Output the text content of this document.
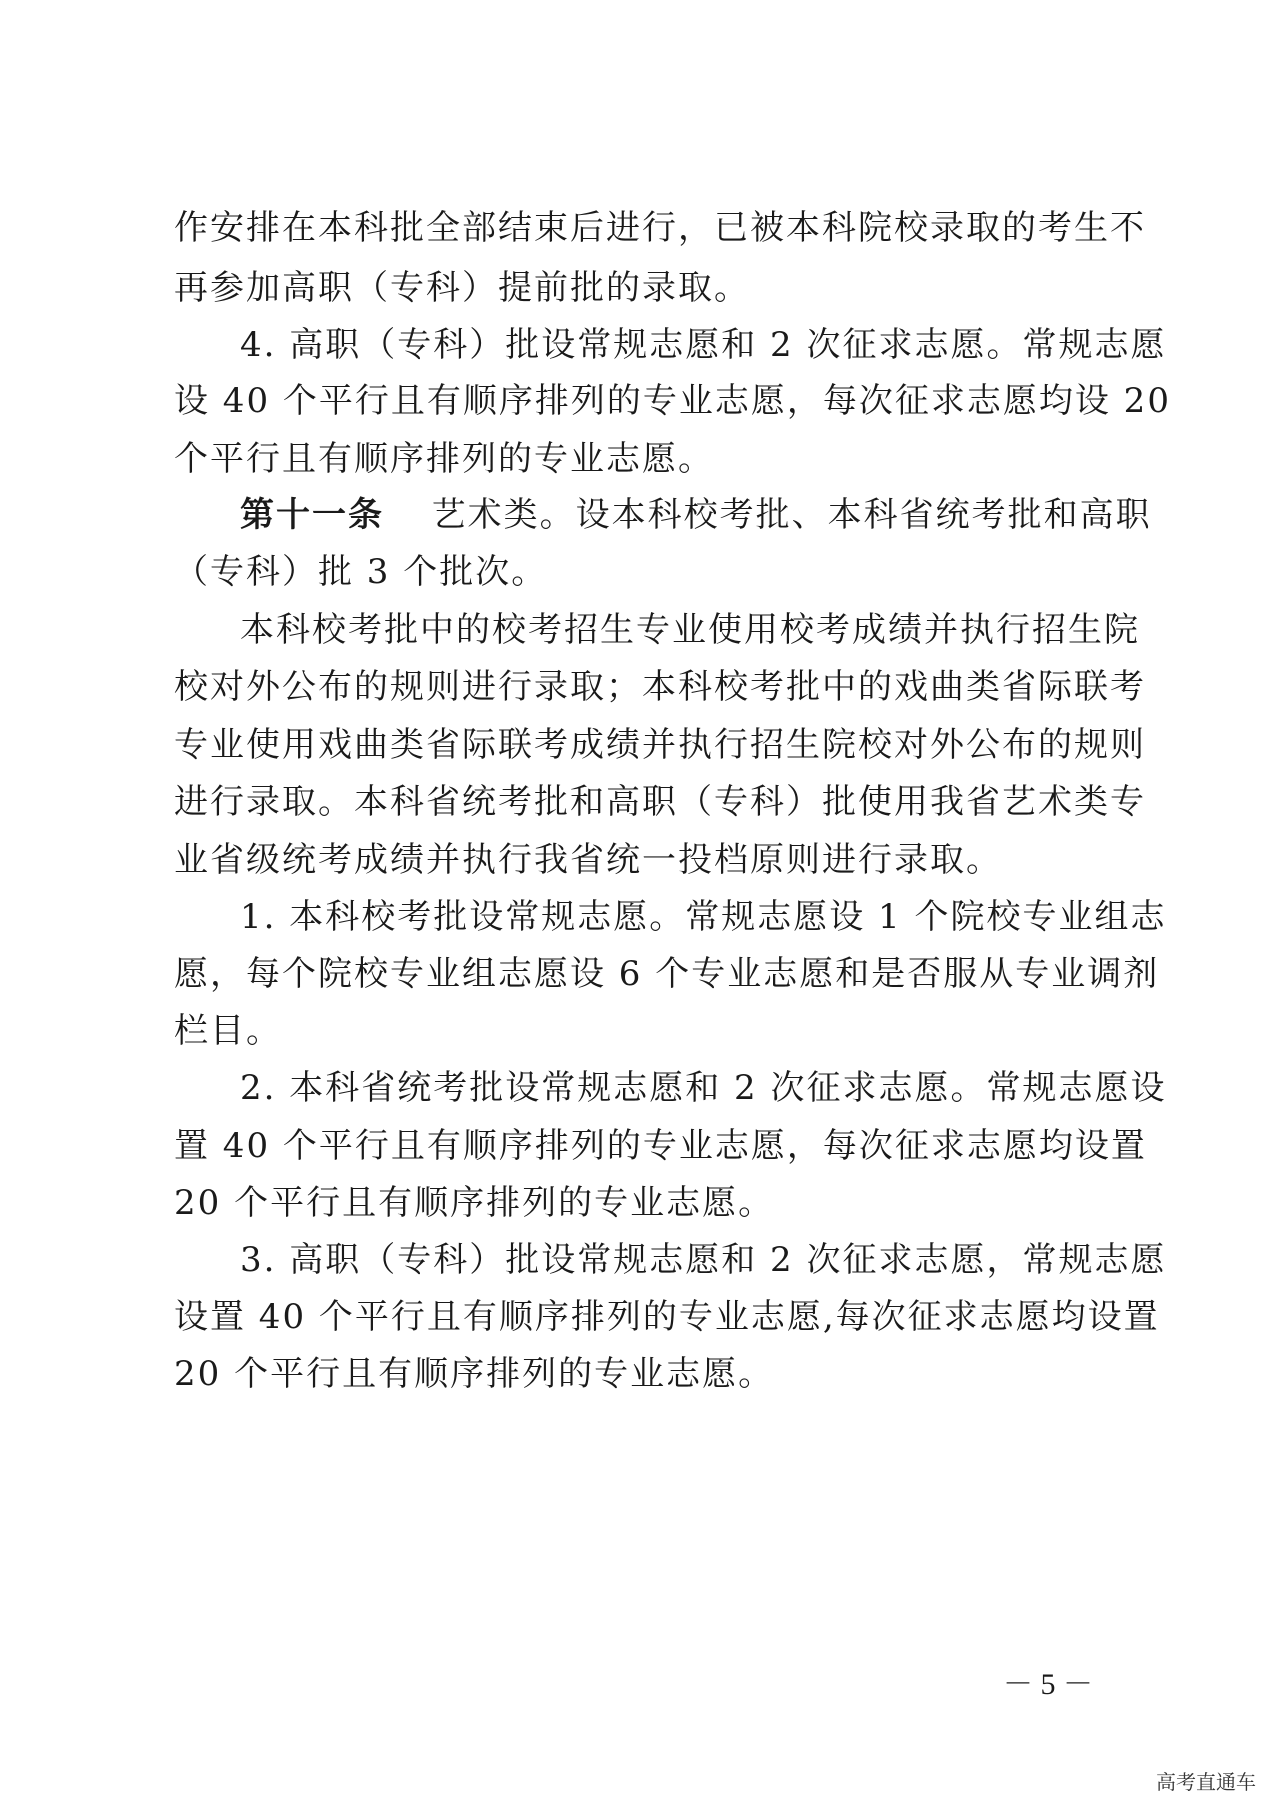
作安排在本科批全部结束后进行，已被本科院校录取的考生不
再参加高职（专科）提前批的录取。
4. 高职（专科）批设常规志愿和 2 次征求志愿。常规志愿
设 40 个平行且有顺序排列的专业志愿，每次征求志愿均设 20
个平行且有顺序排列的专业志愿。
第十一条 艺术类。设本科校考批、本科省统考批和高职
（专科）批 3 个批次。
本科校考批中的校考招生专业使用校考成绩并执行招生院
校对外公布的规则进行录取；本科校考批中的戏曲类省际联考
专业使用戏曲类省际联考成绩并执行招生院校对外公布的规则
进行录取。本科省统考批和高职（专科）批使用我省艺术类专
业省级统考成绩并执行我省统一投档原则进行录取。
1. 本科校考批设常规志愿。常规志愿设 1 个院校专业组志
愿，每个院校专业组志愿设 6 个专业志愿和是否服从专业调剂
栏目。
2. 本科省统考批设常规志愿和 2 次征求志愿。常规志愿设
置 40 个平行且有顺序排列的专业志愿，每次征求志愿均设置
20 个平行且有顺序排列的专业志愿。
3. 高职（专科）批设常规志愿和 2 次征求志愿，常规志愿
设置 40 个平行且有顺序排列的专业志愿,每次征求志愿均设置
20 个平行且有顺序排列的专业志愿。
－ 5 －
高考直通车
